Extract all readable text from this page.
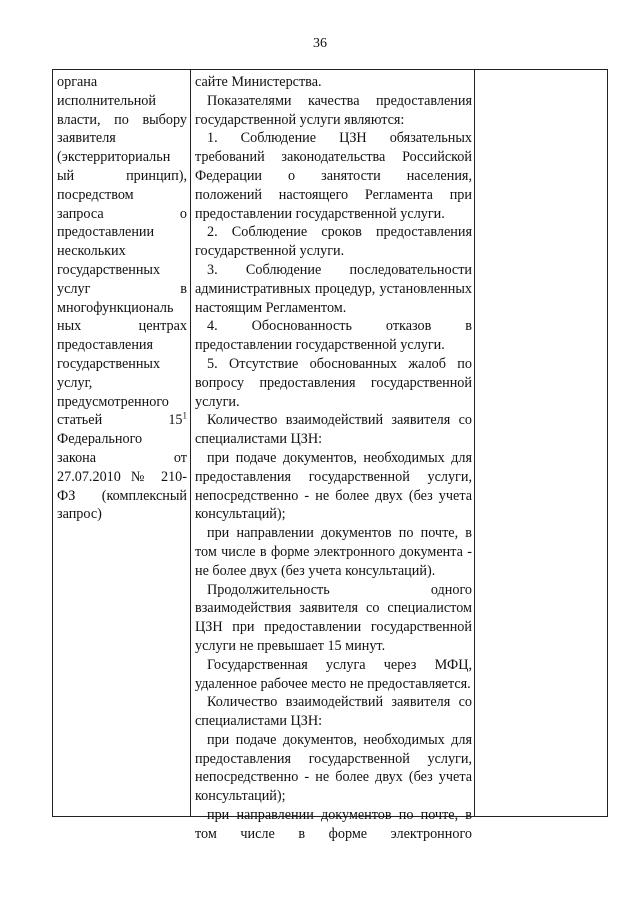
36

органа

исполнительной

власти, по выбору

заявителя

(экстерриториальн

ый принцип),

посредством

запроса о

предоставлении

нескольких

государственных

услуг в

многофункциональ

ных центрах

предоставления

государственных

услуг,

предусмотренного

статьей	$15^1$

Федерального

закона от

27.07.2010 № 210-

ФЗ (комплексный

запрос)

сайте Министерства.

Показателями качества предоставления государственной услуги являются:

1. Соблюдение ЦЗН обязательных требований законодательства Российской Федерации о занятости населения, положений настоящего Регламента при предоставлении государственной услуги.

2. Соблюдение сроков предоставления государственной услуги.

3. Соблюдение последовательности административных процедур, установленных настоящим Регламентом.

4. Обоснованность отказов в предоставлении государственной услуги.

5. Отсутствие обоснованных жалоб по вопросу предоставления государственной услуги.

Количество взаимодействий заявителя со специалистами ЦЗН:

при подаче документов, необходимых для предоставления государственной услуги, непосредственно - не более двух (без учета консультаций);

при направлении документов по почте, в том числе в форме электронного документа - не более двух (без учета консультаций).

Продолжительность одного взаимодействия заявителя со специалистом ЦЗН при предоставлении государственной услуги не превышает 15 минут.

Государственная услуга через МФЦ, удаленное рабочее место не предоставляется.

Количество взаимодействий заявителя со специалистами ЦЗН:

при подаче документов, необходимых для предоставления государственной услуги, непосредственно - не более двух (без учета консультаций);

при направлении документов по почте, в том числе в форме электронного
